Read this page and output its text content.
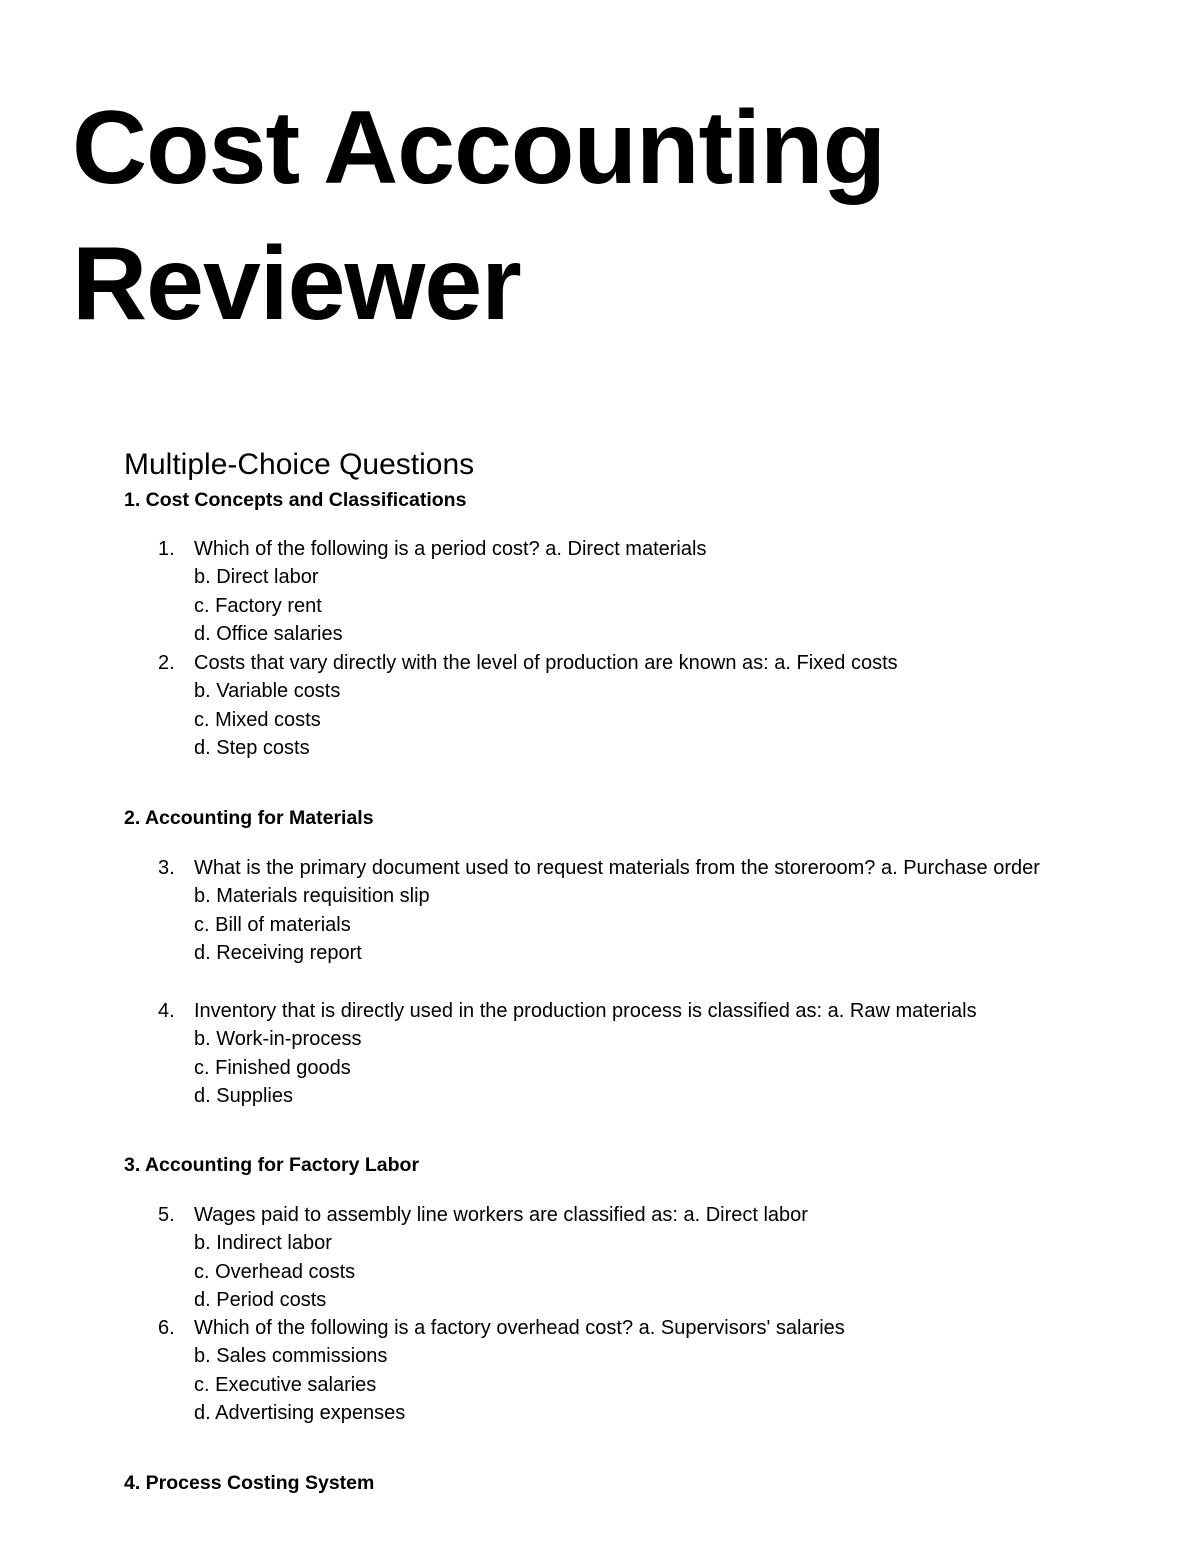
Cost Accounting
Reviewer
Multiple-Choice Questions
1. Cost Concepts and Classifications
1. Which of the following is a period cost? a. Direct materials
b. Direct labor
c. Factory rent
d. Office salaries
2. Costs that vary directly with the level of production are known as: a. Fixed costs
b. Variable costs
c. Mixed costs
d. Step costs
2. Accounting for Materials
3. What is the primary document used to request materials from the storeroom? a. Purchase order
b. Materials requisition slip
c. Bill of materials
d. Receiving report
4. Inventory that is directly used in the production process is classified as: a. Raw materials
b. Work-in-process
c. Finished goods
d. Supplies
3. Accounting for Factory Labor
5. Wages paid to assembly line workers are classified as: a. Direct labor
b. Indirect labor
c. Overhead costs
d. Period costs
6. Which of the following is a factory overhead cost? a. Supervisors' salaries
b. Sales commissions
c. Executive salaries
d. Advertising expenses
4. Process Costing System
